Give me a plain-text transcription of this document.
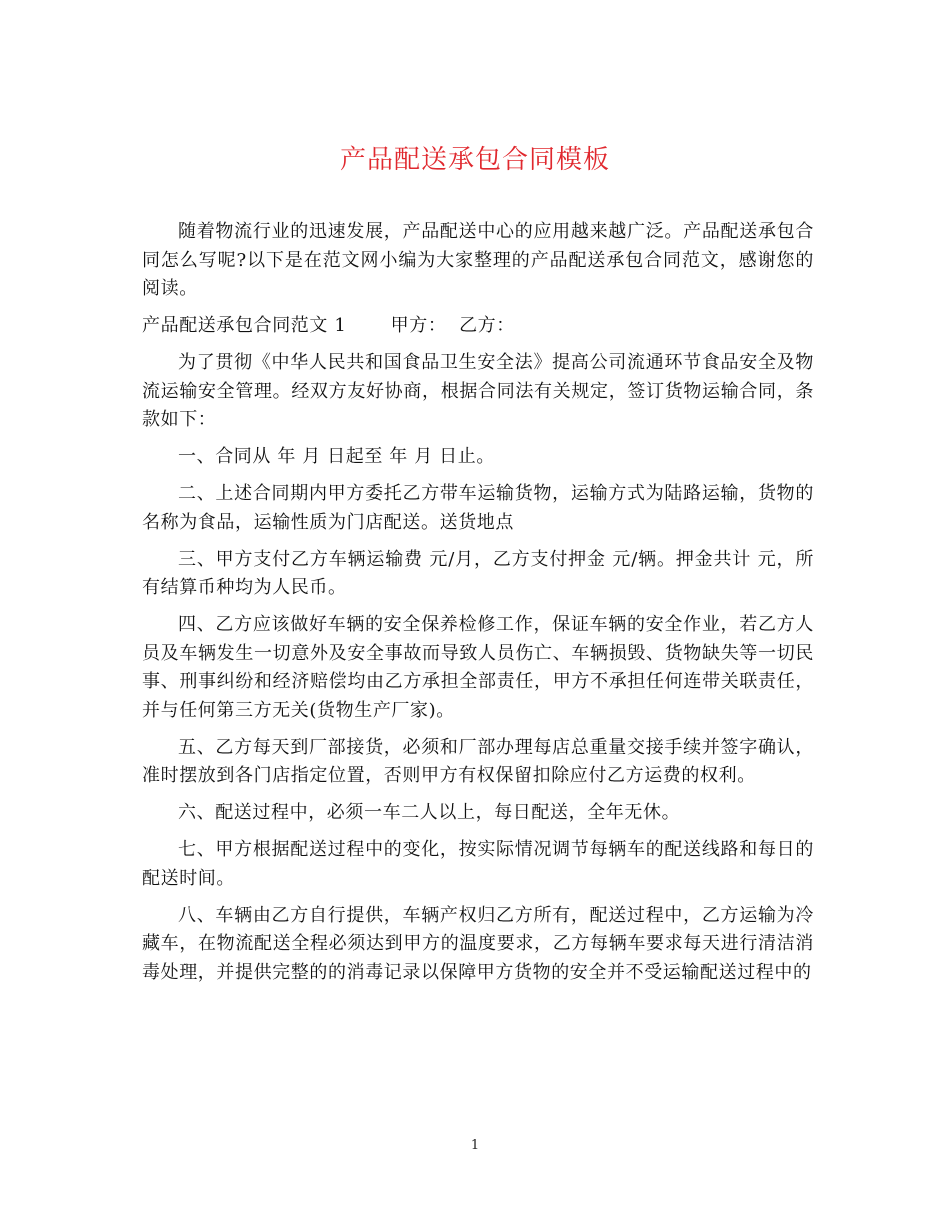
产品配送承包合同模板

随着物流行业的迅速发展，产品配送中心的应用越来越广泛。产品配送承包合同怎么写呢?以下是在范文网小编为大家整理的产品配送承包合同范文，感谢您的阅读。

产品配送承包合同范文 1       甲方：  乙方：

为了贯彻《中华人民共和国食品卫生安全法》提高公司流通环节食品安全及物流运输安全管理。经双方友好协商，根据合同法有关规定，签订货物运输合同，条款如下：

一、合同从 年 月 日起至 年 月 日止。

二、上述合同期内甲方委托乙方带车运输货物，运输方式为陆路运输，货物的名称为食品，运输性质为门店配送。送货地点

三、甲方支付乙方车辆运输费 元/月，乙方支付押金 元/辆。押金共计 元，所有结算币种均为人民币。

四、乙方应该做好车辆的安全保养检修工作，保证车辆的安全作业，若乙方人员及车辆发生一切意外及安全事故而导致人员伤亡、车辆损毁、货物缺失等一切民事、刑事纠纷和经济赔偿均由乙方承担全部责任，甲方不承担任何连带关联责任，并与任何第三方无关(货物生产厂家)。

五、乙方每天到厂部接货，必须和厂部办理每店总重量交接手续并签字确认，准时摆放到各门店指定位置，否则甲方有权保留扣除应付乙方运费的权利。

六、配送过程中，必须一车二人以上，每日配送，全年无休。

七、甲方根据配送过程中的变化，按实际情况调节每辆车的配送线路和每日的配送时间。

八、车辆由乙方自行提供，车辆产权归乙方所有，配送过程中，乙方运输为冷藏车，在物流配送全程必须达到甲方的温度要求，乙方每辆车要求每天进行清洁消毒处理，并提供完整的的消毒记录以保障甲方货物的安全并不受运输配送过程中的

1
